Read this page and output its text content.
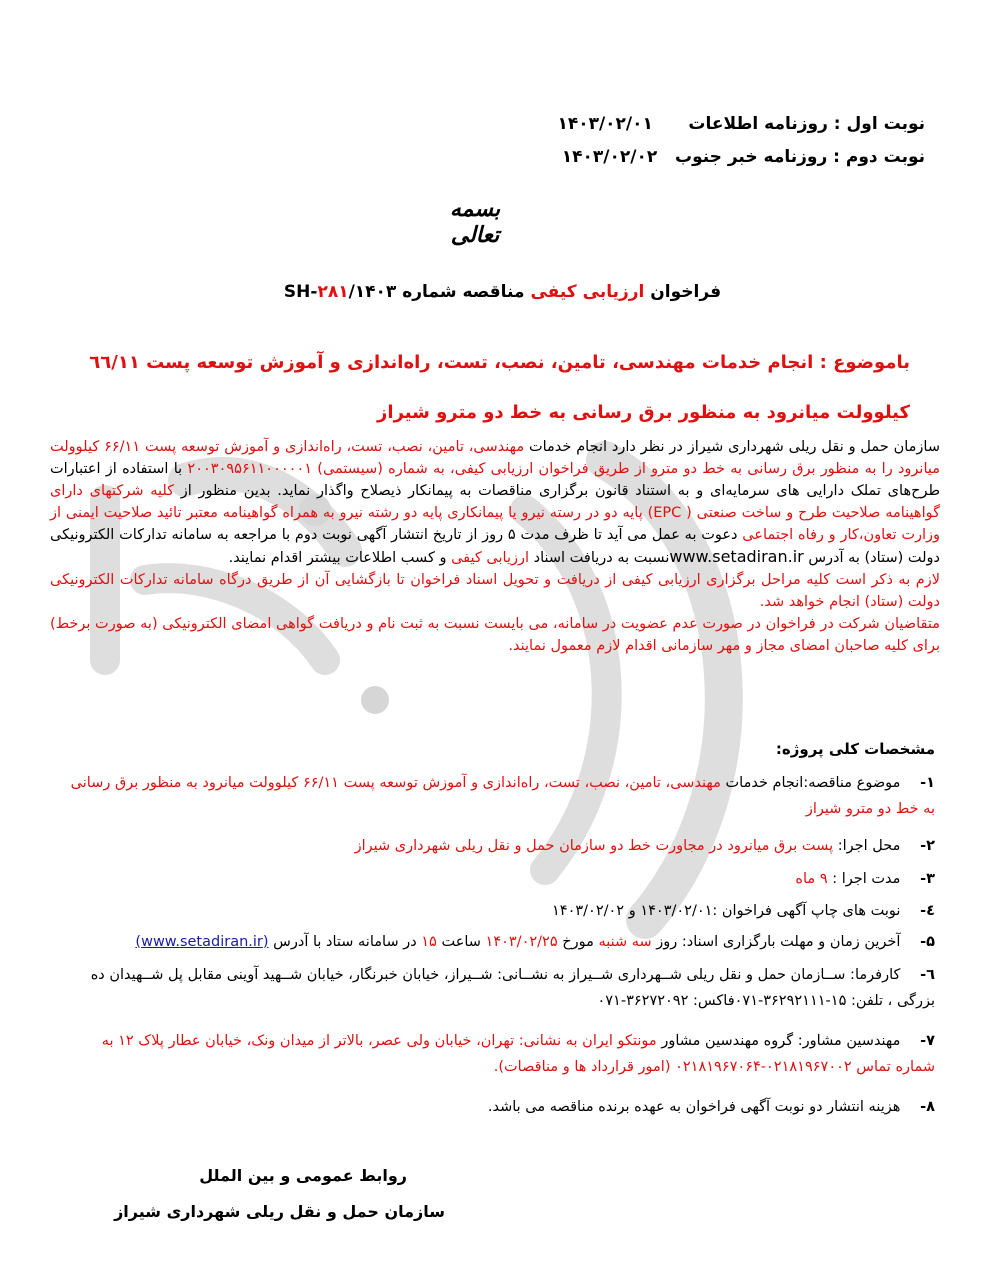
نوبت اول : روزنامه اطلاعات      ۱۴۰۳/۰۲/۰۱
نوبت دوم : روزنامه خبر جنوب   ۱۴۰۳/۰۲/۰۲
بسمه تعالی
فراخوان ارزیابی کیفی مناقصه شماره SH-۲۸۱/۱۴۰۳
باموضوع : انجام خدمات مهندسی، تامین، نصب، تست، راه‌اندازی و آموزش توسعه پست ٦٦/١١ کیلوولت میانرود به منظور برق رسانی به خط دو مترو شیراز
سازمان حمل و نقل ریلی شهرداری شیراز در نظر دارد انجام خدمات مهندسی، تامین، نصب، تست، راه‌اندازی و آموزش توسعه پست ۶۶/۱۱ کیلوولت میانرود را به منظور برق رسانی به خط دو مترو از طریق فراخوان ارزیابی کیفی، به شماره (سیستمی) ۲۰۰۳۰۹۵۶۱۱۰۰۰۰۰۱ با استفاده از اعتبارات طرح‌های تملک دارایی های سرمایه‌ای و به استناد قانون برگزاری مناقصات به پیمانکار ذیصلاح واگذار نماید. بدین منظور از کلیه شرکتهای دارای گواهینامه صلاحیت طرح و ساخت صنعتی ( EPC) پایه دو در رسته نیرو یا پیمانکاری پایه دو رشته نیرو به همراه گواهینامه معتبر تائید صلاحیت ایمنی از وزارت تعاون،کار و رفاه اجتماعی دعوت به عمل می آید تا ظرف مدت ۵ روز از تاریخ انتشار آگهی نوبت دوم با مراجعه به سامانه تدارکات الکترونیکی دولت (ستاد) به آدرس www.setadiran.irنسبت به دریافت اسناد ارزیابی کیفی و کسب اطلاعات بیشتر اقدام نمایند.
لازم به ذکر است کلیه مراحل برگزاری ارزیابی کیفی از دریافت و تحویل اسناد فراخوان تا بازگشایی آن از طریق درگاه سامانه تدارکات الکترونیکی دولت (ستاد) انجام خواهد شد.
متقاضیان شرکت در فراخوان در صورت عدم عضویت در سامانه، می بایست نسبت به ثبت نام و دریافت گواهی امضای الکترونیکی (به صورت برخط) برای کلیه صاحبان امضای مجاز و مهر سازمانی اقدام لازم معمول نمایند.
مشخصات کلی پروژه:
۱- موضوع مناقصه:انجام خدمات مهندسی، تامین، نصب، تست، راه‌اندازی و آموزش توسعه پست ۶۶/۱۱ کیلوولت میانرود به منظور برق رسانی به خط دو مترو شیراز
۲- محل اجرا: پست برق میانرود در مجاورت خط دو سازمان حمل و نقل ریلی شهرداری شیراز
۳- مدت اجرا : ۹ ماه
٤- نوبت های چاپ آگهی فراخوان :۱۴۰۳/۰۲/۰۱ و ۱۴۰۳/۰۲/۰۲
۵- آخرین زمان و مهلت بارگزاری اسناد: روز سه شنبه مورخ ۱۴۰۳/۰۲/۲۵ ساعت ۱۵ در سامانه ستاد با آدرس (www.setadiran.ir)
٦- کارفرما: ســازمان حمل و نقل ریلی شــهرداری شــیراز به نشــانی: شــیراز، خیابان خبرنگار، خیابان شــهید آوینی مقابل پل شــهیدان ده بزرگی ، تلفن: ۱۵-۳۶۲۹۲۱۱۱-۰۷۱فاکس: ۳۶۲۷۲۰۹۲-۰۷۱
۷- مهندسین مشاور: گروه مهندسین مشاور مونتکو ایران به نشانی: تهران، خیابان ولی عصر، بالاتر از میدان ونک، خیابان عطار پلاک ۱۲ به شماره تماس ۰۲۱۸۱۹۶۷۰۰۲-۰۲۱۸۱۹۶۷۰۶۴ (امور قرارداد ها و مناقصات).
۸- هزینه انتشار دو نوبت آگهی فراخوان به عهده برنده مناقصه می باشد.
روابط عمومی و بین الملل
سازمان حمل و نقل ریلی شهرداری شیراز
